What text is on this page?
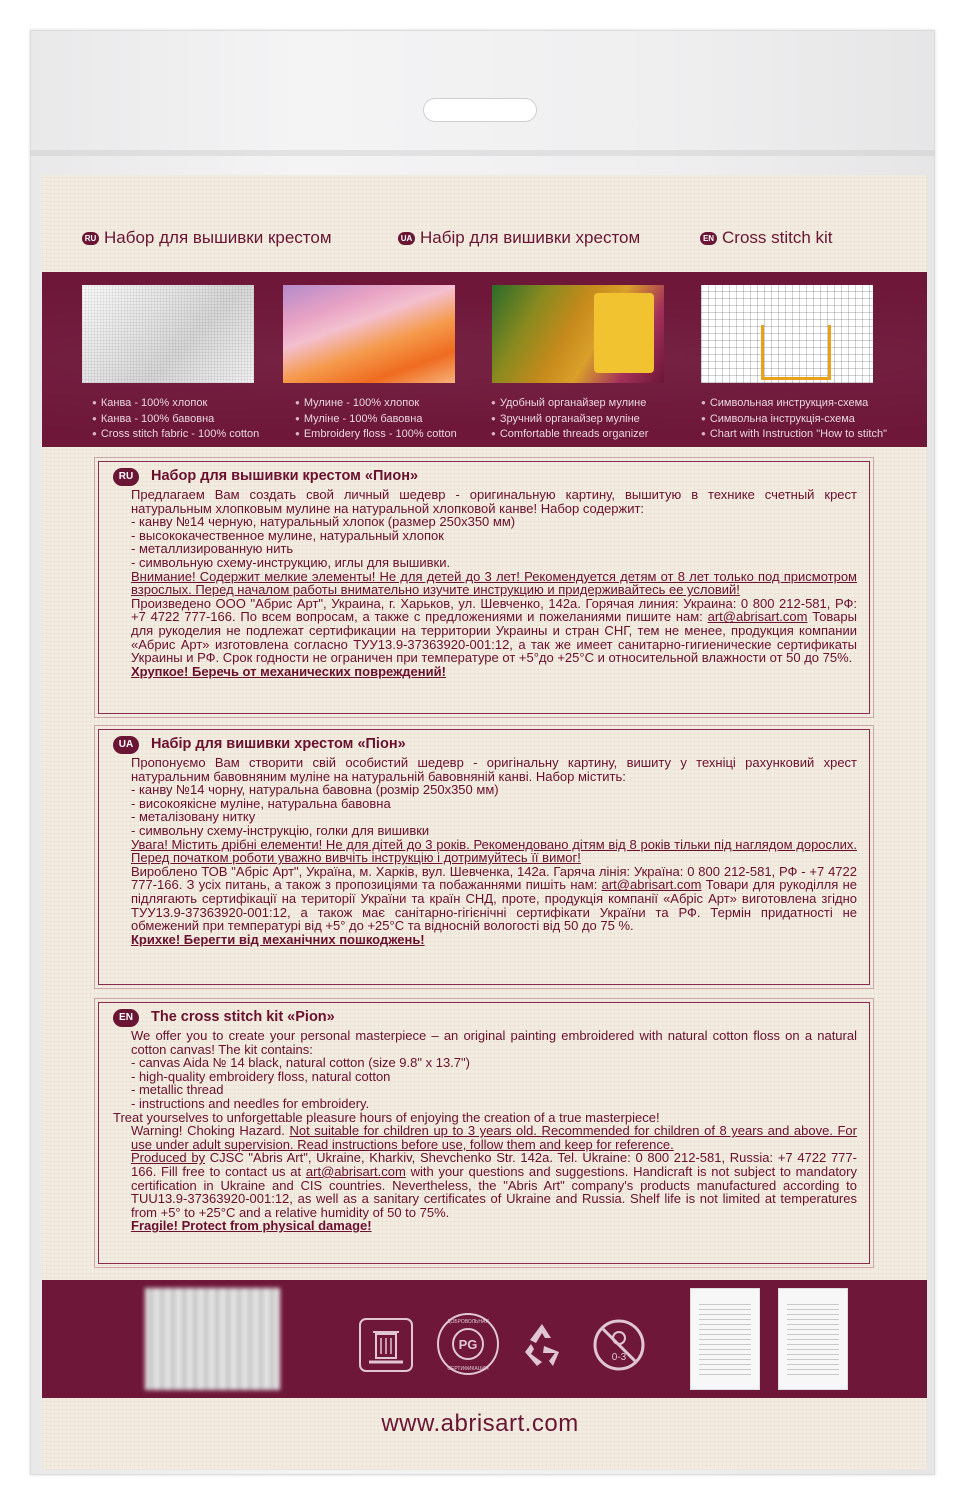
RU Набор для вышивки крестом	UA Набір для вишивки хрестом	EN Cross stitch kit
● Канва - 100% хлопок
● Канва - 100% бавовна
● Cross stitch fabric - 100% cotton
● Мулине - 100% хлопок
● Муліне - 100% бавовна
● Embroidery floss - 100% cotton
● Удобный органайзер мулине
● Зручний органайзер муліне
● Comfortable threads organizer
● Символьная инструкция-схема
● Символьна інструкція-схема
● Chart with Instruction "How to stitch"
RU	Набор для вышивки крестом «Пион»
Предлагаем Вам создать свой личный шедевр - оригинальную картину, вышитую в технике счетный крест натуральным хлопковым мулине на натуральной хлопковой канве! Набор содержит:
- канву №14 черную, натуральный хлопок (размер 250х350 мм)
- высококачественное мулине, натуральный хлопок
- металлизированную нить
- символьную схему-инструкцию, иглы для вышивки.
Внимание! Содержит мелкие элементы! Не для детей до 3 лет! Рекомендуется детям от 8 лет только под присмотром взрослых. Перед началом работы внимательно изучите инструкцию и придерживайтесь ее условий!
Произведено ООО "Абрис Арт", Украина, г. Харьков, ул. Шевченко, 142а. Горячая линия: Украина: 0 800 212-581, РФ: +7 4722 777-166. По всем вопросам, а также с предложениями и пожеланиями пишите нам: art@abrisart.com Товары для рукоделия не подлежат сертификации на территории Украины и стран СНГ, тем не менее, продукция компании «Абрис Арт» изготовлена согласно ТУУ13.9-37363920-001:12, а так же имеет санитарно-гигиенические сертификаты Украины и РФ. Срок годности не ограничен при температуре от +5°до +25°С и относительной влажности от 50 до 75%.
Хрупкое! Беречь от механических повреждений!
UA	Набір для вишивки хрестом «Піон»
Пропонуємо Вам створити свій особистий шедевр - оригінальну картину, вишиту у техніці рахунковий хрест натуральним бавовняним муліне на натуральній бавовняній канві. Набор містить:
- канву №14 чорну, натуральна бавовна (розмір 250х350 мм)
- високоякісне муліне, натуральна бавовна
- металізовану нитку
- символьну схему-інструкцію, голки для вишивки
Увага! Містить дрібні елементи! Не для дітей до 3 років. Рекомендовано дітям від 8 років тільки під наглядом дорослих. Перед початком роботи уважно вивчіть інструкцію і дотримуйтесь її вимог!
Виробленo ТОВ "Абріс Арт", Україна, м. Харків, вул. Шевченка, 142а. Гаряча лінія: Україна: 0 800 212-581, РФ - +7 4722 777-166. З усіх питань, а також з пропозиціями та побажаннями пишіть нам: art@abrisart.com Товари для рукоділля не підлягають сертифікації на території України та країн СНД, проте, продукція компанії «Абріс Арт» виготовлена згідно ТУУ13.9-37363920-001:12, а також має санітарно-гігієнічні сертифікати України та РФ. Термін придатності не обмежений при температурі від +5° до +25°С та відносній вологості від 50 до 75 %.
Крихке! Берегти від механічних пошкоджень!
EN	The cross stitch kit «Pion»
We offer you to create your personal masterpiece – an original painting embroidered with natural cotton floss on a natural cotton canvas! The kit contains:
- canvas Aida № 14 black, natural cotton (size 9.8" x 13.7")
- high-quality embroidery floss, natural cotton
- metallic thread
- instructions and needles for embroidery.
Treat yourselves to unforgettable pleasure hours of enjoying the creation of a true masterpiece!
Warning! Choking Hazard. Not suitable for children up to 3 years old. Recommended for children of 8 years and above. For use under adult supervision. Read instructions before use, follow them and keep for reference.
Produced by CJSC "Abris Art", Ukraine, Kharkiv, Shevchenko Str. 142a. Tel. Ukraine: 0 800 212-581, Russia: +7 4722 777-166. Fill free to contact us at art@abrisart.com with your questions and suggestions. Handicraft is not subject to mandatory certification in Ukraine and CIS countries. Nevertheless, the "Abris Art" company's products manufactured according to TUU13.9-37363920-001:12, as well as a sanitary certificates of Ukraine and Russia. Shelf life is not limited at temperatures from +5° to +25°C and a relative humidity of 50 to 75%.
Fragile! Protect from physical damage!
PG
ДОБРОВОЛЬНАЯ
СЕРТИФИКАЦИЯ
0-3
www.abrisart.com
